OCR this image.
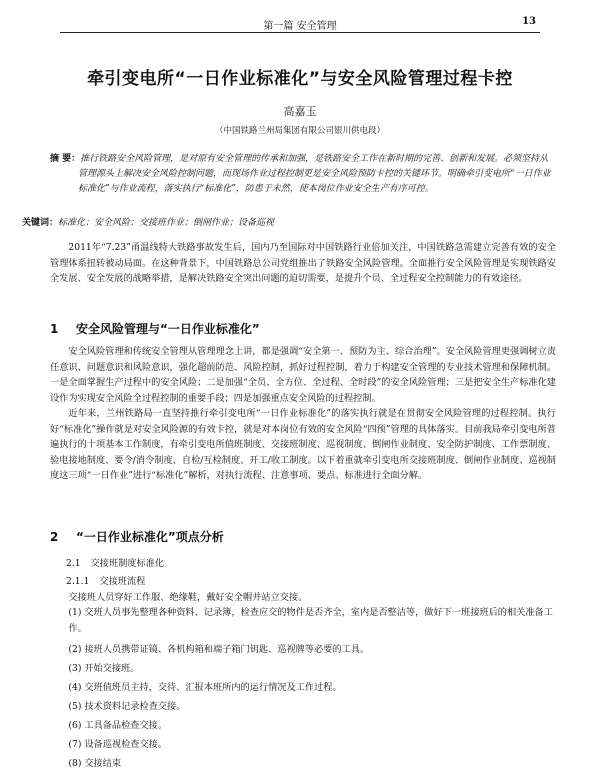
第一篇 安全管理	13
牵引变电所“一日作业标准化”与安全风险管理过程卡控
高嘉玉
（中国铁路兰州局集团有限公司银川供电段）
摘 要：推行铁路安全风险管理，是对原有安全管理的传承和加强，是铁路安全工作在新时期的完善、创新和发展。必须坚持从管理源头上解决安全风险控制问题，而现场作业过程控制更是安全风险预防卡控的关键环节。明确牵引变电所“一日作业标准化”与作业流程，落实执行“标准化”，防患于未然，使本岗位作业安全生产有序可控。
关键词：标准化；安全风险；交接班作业；倒闸作业；设备巡视

2011年“7.23”甬温线特大铁路事故发生后，国内乃至国际对中国铁路行业倍加关注，中国铁路急需建立完善有效的安全管理体系扭转被动局面。在这种背景下，中国铁路总公司党组推出了铁路安全风险管理。全面推行安全风险管理是实现铁路安全发展、安全发展的战略举措，是解决铁路安全突出问题的迫切需要，是提升个员、全过程安全控制能力的有效途径。

1 安全风险管理与“一日作业标准化”

安全风险管理和传统安全管理从管理理念上讲，都是强调“安全第一、预防为主、综合治理”。安全风险管理更强调树立责任意识、问题意识和风险意识，强化超前防范、风险控制，抓好过程控制，着力于构建安全管理的专业技术管理和保障机制。一是全面掌握生产过程中的安全风险；二是加强“全员、全方位、全过程、全时段”的安全风险管理；三是把安全生产标准化建设作为实现安全风险全过程控制的重要手段；四是加强重点安全风险的过程控制。

近年来，兰州铁路局一直坚持推行牵引变电所“一日作业标准化”的落实执行就是在贯彻安全风险管理的过程控制。执行好“标准化”操作就是对安全风险源的有效卡控，就是对本岗位有效的安全风险“四预”管理的具体落实。目前我局牵引变电所普遍执行的十项基本工作制度，有牵引变电所值班制度、交接班制度、巡视制度、倒闸作业制度、安全防护制度、工作票制度、验电接地制度、要令/消令制度、自检/互检制度、开工/收工制度。以下着重就牵引变电所交接班制度、倒闸作业制度、巡视制度这三项“一日作业”进行“标准化”解析，对执行流程、注意事项、要点、标准进行全面分解。

2 “一日作业标准化”项点分析
2.1 交接班制度标准化
2.1.1 交接班流程

交接班人员穿好工作服、绝缘鞋，戴好安全帽并站立交接。

(1) 交班人员事先整理各种资料、记录簿，检查应交的物件是否齐全，室内是否整洁等，做好下一班接班后的相关准备工作。
(2) 接班人员携带证镜、各机构箱和端子箱门钥匙、巡视牌等必要的工具。
(3) 开始交接班。
(4) 交班值班员主持，交待、汇报本班所内的运行情况及工作过程。
(5) 技术资料记录检查交接。
(6) 工具备品检查交接。
(7) 设备巡视检查交接。
(8) 交接结束
